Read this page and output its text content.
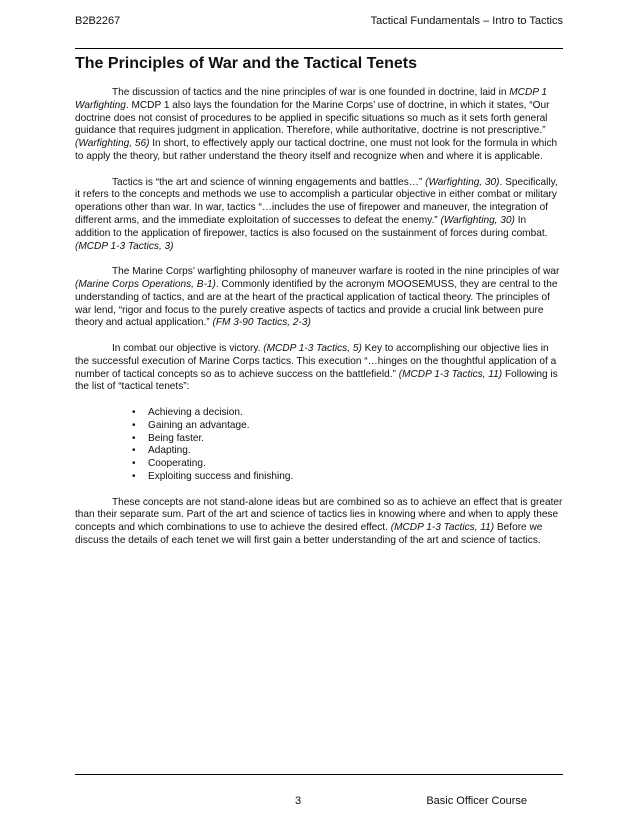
B2B2267	Tactical Fundamentals – Intro to Tactics
The Principles of War and the Tactical Tenets

The discussion of tactics and the nine principles of war is one founded in doctrine, laid in MCDP 1 Warfighting. MCDP 1 also lays the foundation for the Marine Corps’ use of doctrine, in which it states, “Our doctrine does not consist of procedures to be applied in specific situations so much as it sets forth general guidance that requires judgment in application. Therefore, while authoritative, doctrine is not prescriptive.” (Warfighting, 56) In short, to effectively apply our tactical doctrine, one must not look for the formula in which to apply the theory, but rather understand the theory itself and recognize when and where it is applicable.

Tactics is “the art and science of winning engagements and battles…” (Warfighting, 30). Specifically, it refers to the concepts and methods we use to accomplish a particular objective in either combat or military operations other than war. In war, tactics “…includes the use of firepower and maneuver, the integration of different arms, and the immediate exploitation of successes to defeat the enemy.” (Warfighting, 30) In addition to the application of firepower, tactics is also focused on the sustainment of forces during combat. (MCDP 1-3 Tactics, 3)

The Marine Corps’ warfighting philosophy of maneuver warfare is rooted in the nine principles of war (Marine Corps Operations, B-1). Commonly identified by the acronym MOOSEMUSS, they are central to the understanding of tactics, and are at the heart of the practical application of tactical theory. The principles of war lend, “rigor and focus to the purely creative aspects of tactics and provide a crucial link between pure theory and actual application.” (FM 3-90 Tactics, 2-3)

In combat our objective is victory. (MCDP 1-3 Tactics, 5) Key to accomplishing our objective lies in the successful execution of Marine Corps tactics. This execution “…hinges on the thoughtful application of a number of tactical concepts so as to achieve success on the battlefield.” (MCDP 1-3 Tactics, 11) Following is the list of “tactical tenets”:

• Achieving a decision.
• Gaining an advantage.
• Being faster.
• Adapting.
• Cooperating.
• Exploiting success and finishing.

These concepts are not stand-alone ideas but are combined so as to achieve an effect that is greater than their separate sum. Part of the art and science of tactics lies in knowing where and when to apply these concepts and which combinations to use to achieve the desired effect. (MCDP 1-3 Tactics, 11) Before we discuss the details of each tenet we will first gain a better understanding of the art and science of tactics.

3	Basic Officer Course
